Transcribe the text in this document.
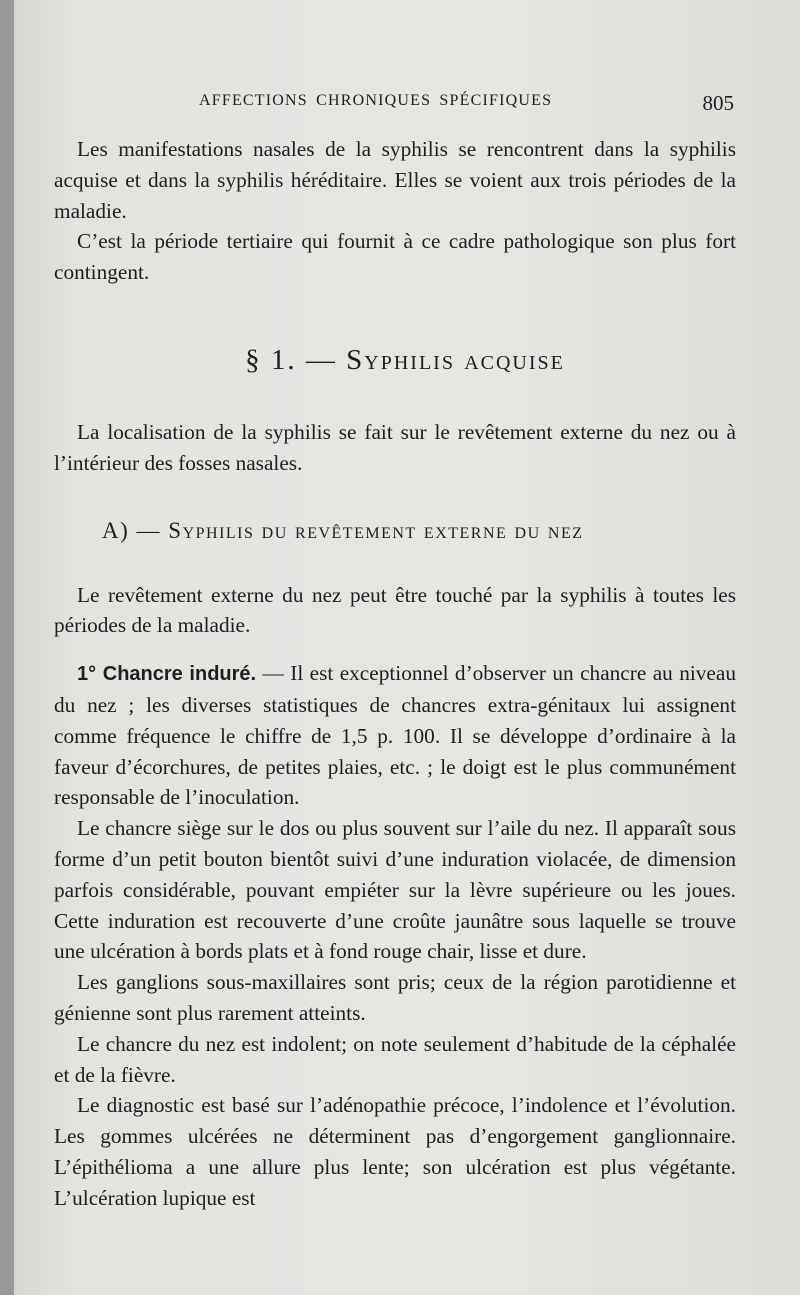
AFFECTIONS CHRONIQUES SPÉCIFIQUES	805

Les manifestations nasales de la syphilis se rencontrent dans la syphilis acquise et dans la syphilis héréditaire. Elles se voient aux trois périodes de la maladie.

C’est la période tertiaire qui fournit à ce cadre pathologique son plus fort contingent.

§ 1. — Syphilis acquise

La localisation de la syphilis se fait sur le revêtement externe du nez ou à l’intérieur des fosses nasales.

A) — Syphilis du revêtement externe du nez

Le revêtement externe du nez peut être touché par la syphilis à toutes les périodes de la maladie.

1° Chancre induré. — Il est exceptionnel d’observer un chancre au niveau du nez ; les diverses statistiques de chancres extra-génitaux lui assignent comme fréquence le chiffre de 1,5 p. 100. Il se développe d’ordinaire à la faveur d’écorchures, de petites plaies, etc. ; le doigt est le plus communément responsable de l’inoculation.

Le chancre siège sur le dos ou plus souvent sur l’aile du nez. Il apparaît sous forme d’un petit bouton bientôt suivi d’une induration violacée, de dimension parfois considérable, pouvant empiéter sur la lèvre supérieure ou les joues. Cette induration est recouverte d’une croûte jaunâtre sous laquelle se trouve une ulcération à bords plats et à fond rouge chair, lisse et dure.

Les ganglions sous-maxillaires sont pris; ceux de la région parotidienne et génienne sont plus rarement atteints.

Le chancre du nez est indolent; on note seulement d’habitude de la céphalée et de la fièvre.

Le diagnostic est basé sur l’adénopathie précoce, l’indolence et l’évolution. Les gommes ulcérées ne déterminent pas d’engorgement ganglionnaire. L’épithélioma a une allure plus lente; son ulcération est plus végétante. L’ulcération lupique est
